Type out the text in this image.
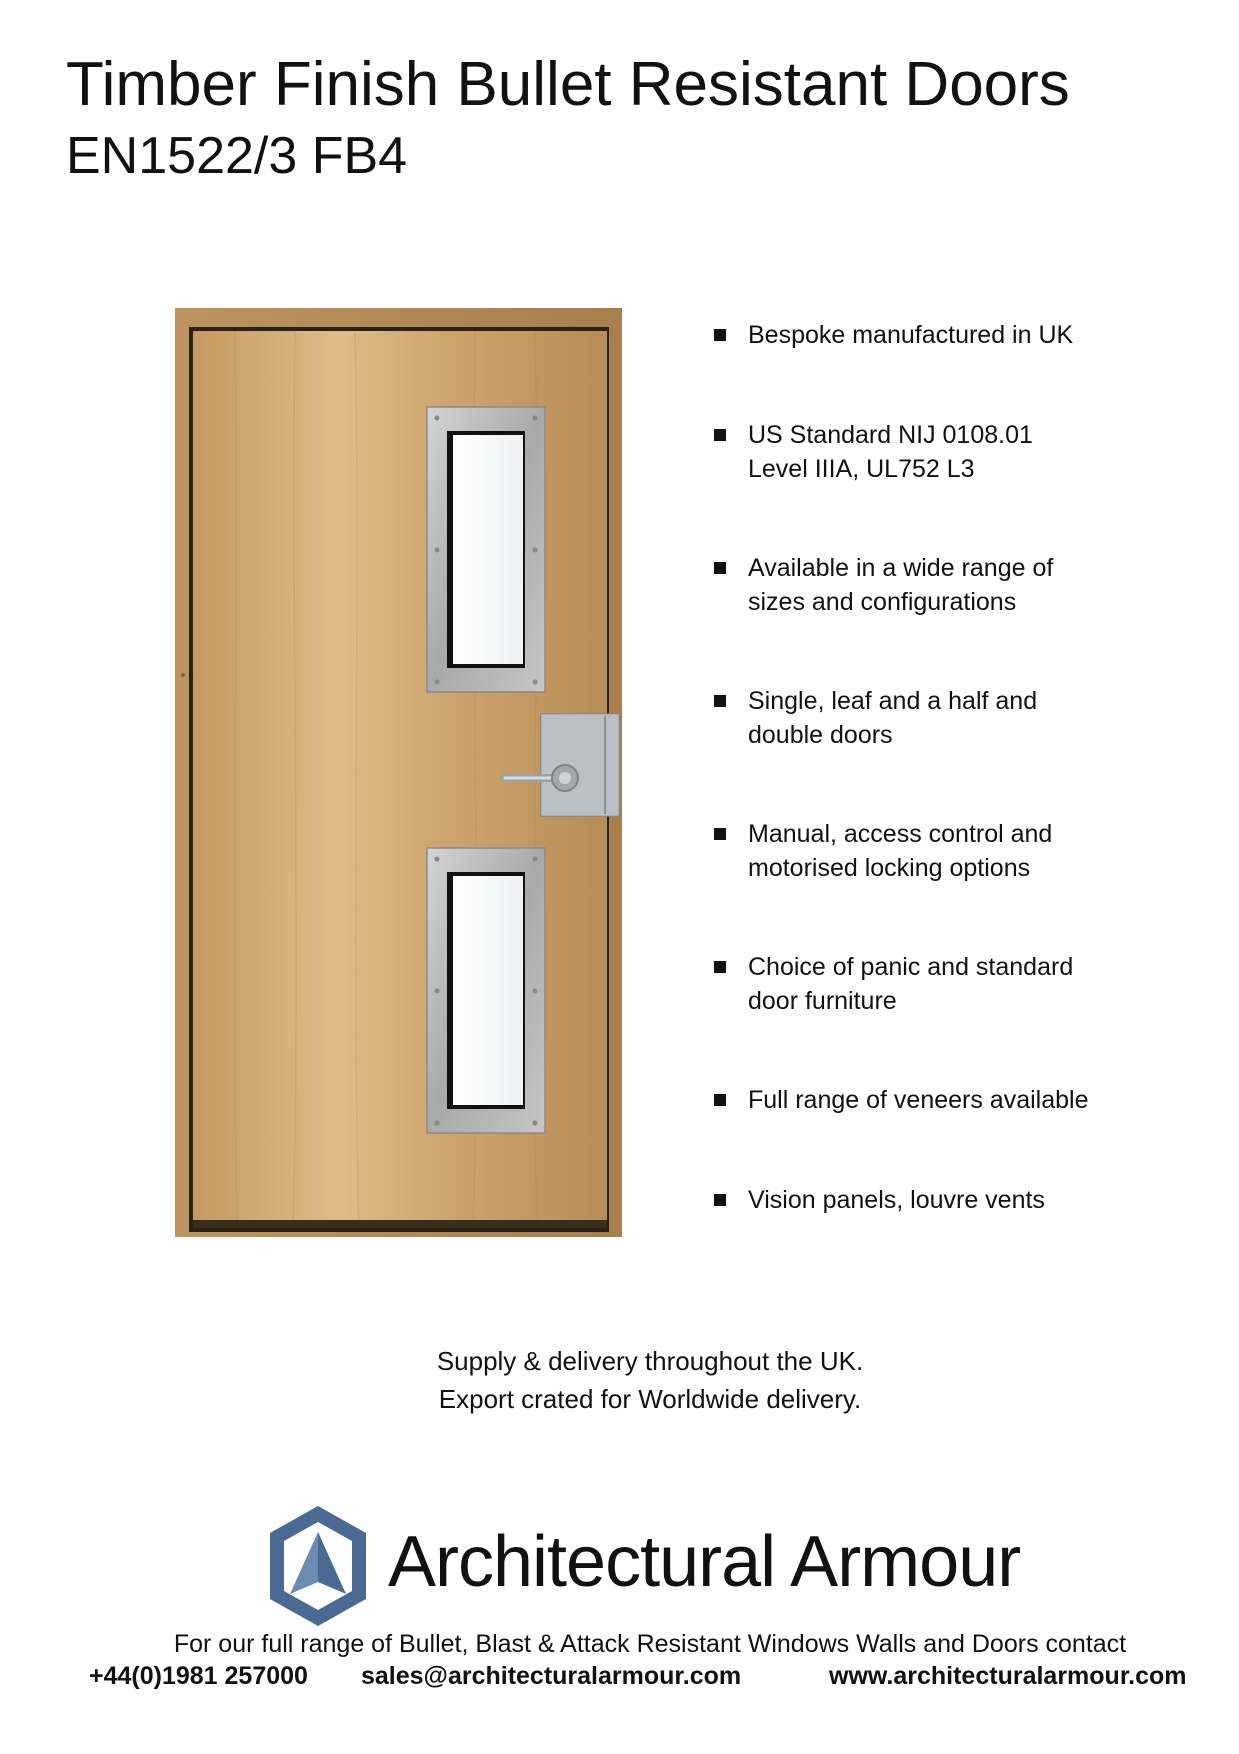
Timber Finish Bullet Resistant Doors
EN1522/3 FB4
Bespoke manufactured in UK
US Standard NIJ 0108.01
Level IIIA, UL752 L3
Available in a wide range of
sizes and configurations
Single, leaf and a half and
double doors
Manual, access control and
motorised locking options
Choice of panic and standard
door furniture
Full range of veneers available
Vision panels, louvre vents
Supply & delivery throughout the UK.
Export crated for Worldwide delivery.
Architectural Armour
For our full range of Bullet, Blast & Attack Resistant Windows Walls and Doors contact
+44(0)1981 257000 sales@architecturalarmour.com	www.architecturalarmour.com
